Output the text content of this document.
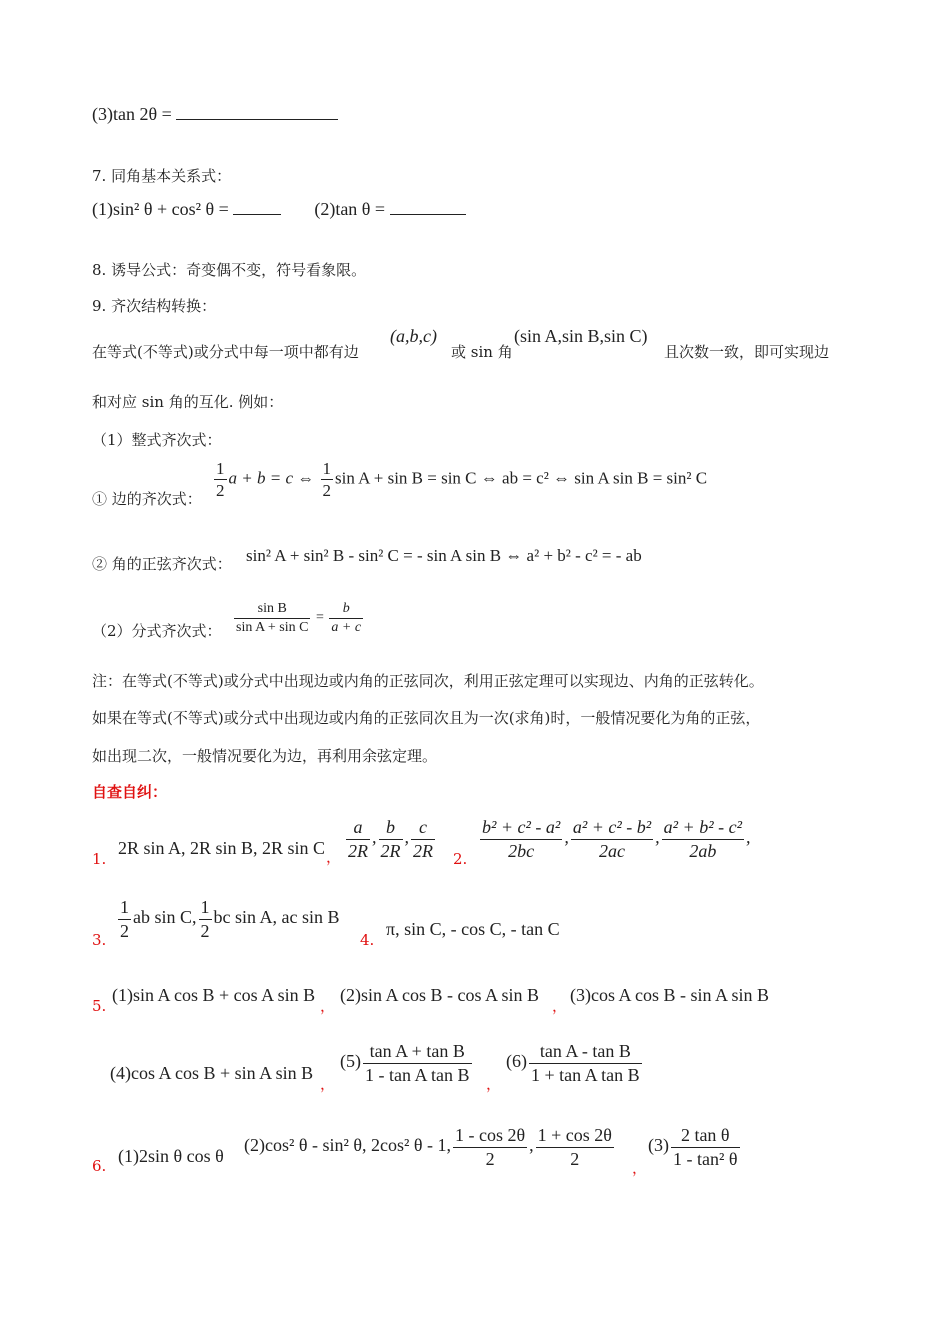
(3)tan 2θ =
7. 同角基本关系式：
(1)sin² θ + cos² θ =	(2)tan θ =
8. 诱导公式：奇变偶不变，符号看象限。
9. 齐次结构转换：
在等式(不等式)或分式中每一项中都有边
(a,b,c)
或 sin 角
(sin A,sin B,sin C)
且次数一致，即可实现边
和对应 sin 角的互化. 例如：
（1）整式齐次式：
① 边的齐次式： $\frac{1}{2}$ a + b = c ⇔ $\frac{1}{2}$ sin A + sin B = sin C ⇔ ab = c² ⇔ sin A sin B = sin² C
② 角的正弦齐次式： sin² A + sin² B - sin² C = - sin A sin B ⇔ a² + b² - c² = - ab
（2）分式齐次式： $\frac{\text{sin B}}{\text{sin A + sin C}} = \frac{b}{a + c}$
注：在等式(不等式)或分式中出现边或内角的正弦同次，利用正弦定理可以实现边、内角的正弦转化。
如果在等式(不等式)或分式中出现边或内角的正弦同次且为一次(求角)时，一般情况要化为角的正弦，
如出现二次，一般情况要化为边，再利用余弦定理。
自查自纠：
1.
2R sin A, 2R sin B, 2R sin C ， $\frac{a}{2R}$ , $\frac{b}{2R}$ , $\frac{c}{2R} 2$. $\frac{\text{b² + c² - a²}}{2bc}$ , $\frac{\text{a² + c² - b²}}{2ac}$ , $\frac{\text{a² + b² - c²}}{2ab}$ ,
3. $\frac{1}{2}$ ab sin C, $\frac{1}{2}$ bc sin A, ac sin B
4.
π, sin C, - cos C, - tan C
5.
(1)sin A cos B + cos A sin B
，
(2)sin A cos B - cos A sin B
，
(3)cos A cos B - sin A sin B
(4)cos A cos B + sin A sin B
，
$(5) \frac{\text{tan A + tan B}}{\text{1 - tan A tan B}}$ ，
$(6) \frac{\text{tan A - tan B}}{\text{1 + tan A tan B}}$
6. (1)2sin θ cos θ
(2)cos² θ - sin² θ, 2cos² θ - 1, $\frac{1 - \cos 2\theta}{2}$ , $\frac{1 + \cos 2\theta}{2}$ ，
$(3) \frac{\text{2 tan θ}}{\text{1 - tan² θ}}$
